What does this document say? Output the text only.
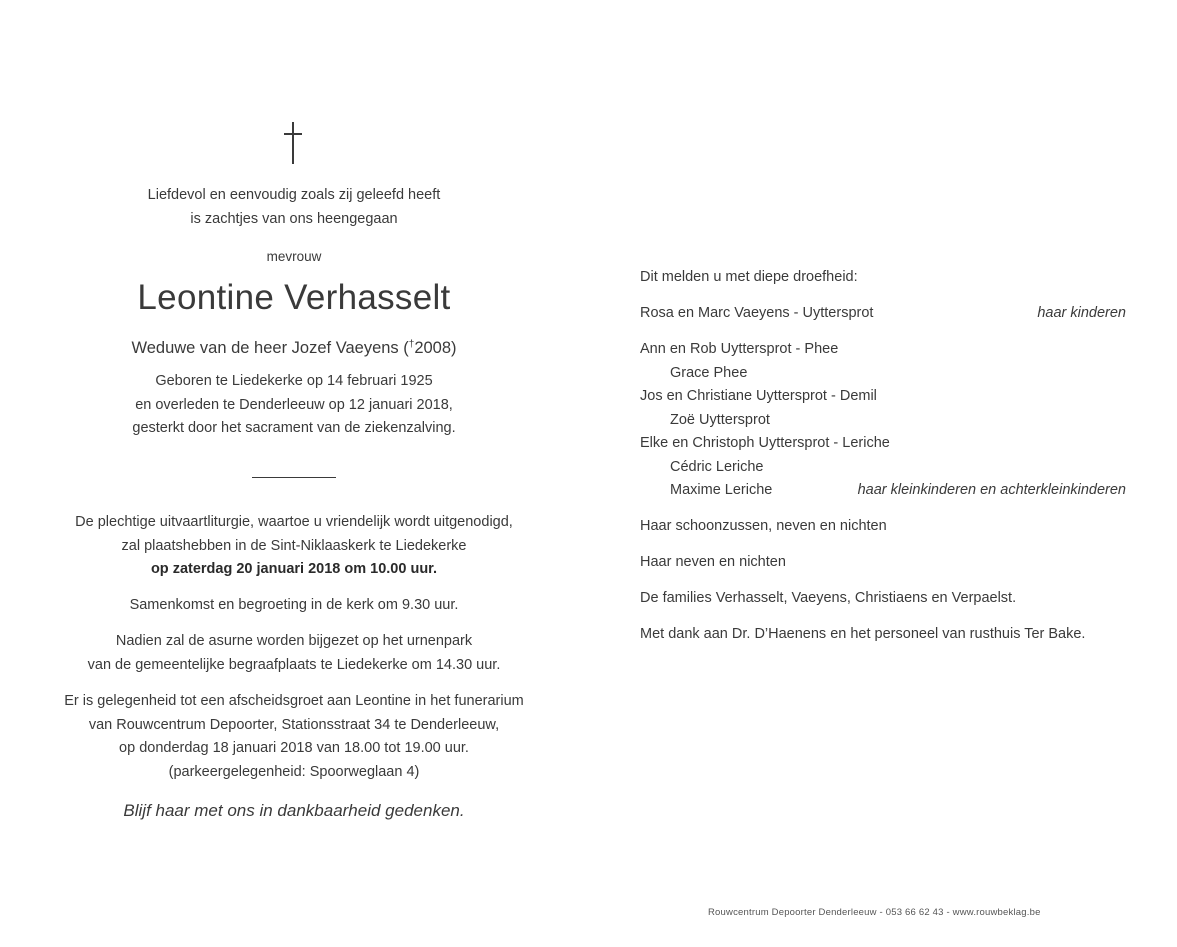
Liefdevol en eenvoudig zoals zij geleefd heeft
is zachtjes van ons heengegaan
mevrouw
Leontine Verhasselt
Weduwe van de heer Jozef Vaeyens (†2008)
Geboren te Liedekerke op 14 februari 1925
en overleden te Denderleeuw op 12 januari 2018,
gesterkt door het sacrament van de ziekenzalving.
De plechtige uitvaartliturgie, waartoe u vriendelijk wordt uitgenodigd,
zal plaatshebben in de Sint-Niklaaskerk te Liedekerke
op zaterdag 20 januari 2018 om 10.00 uur.
Samenkomst en begroeting in de kerk om 9.30 uur.
Nadien zal de asurne worden bijgezet op het urnenpark
van de gemeentelijke begraafplaats te Liedekerke om 14.30 uur.
Er is gelegenheid tot een afscheidsgroet aan Leontine in het funerarium
van Rouwcentrum Depoorter, Stationsstraat 34 te Denderleeuw,
op donderdag 18 januari 2018 van 18.00 tot 19.00 uur.
(parkeergelegenheid: Spoorweglaan 4)
Blijf haar met ons in dankbaarheid gedenken.
Dit melden u met diepe droefheid:
Rosa en Marc Vaeyens - Uyttersprot	haar kinderen
Ann en Rob Uyttersprot - Phee
Grace Phee
Jos en Christiane Uyttersprot - Demil
Zoë Uyttersprot
Elke en Christoph Uyttersprot - Leriche
Cédric Leriche
Maxime Leriche	haar kleinkinderen en achterkleinkinderen
Haar schoonzussen, neven en nichten
Haar neven en nichten
De families Verhasselt, Vaeyens, Christiaens en Verpaelst.
Met dank aan Dr. D’Haenens en het personeel van rusthuis Ter Bake.
Rouwcentrum Depoorter Denderleeuw - 053 66 62 43 - www.rouwbeklag.be
